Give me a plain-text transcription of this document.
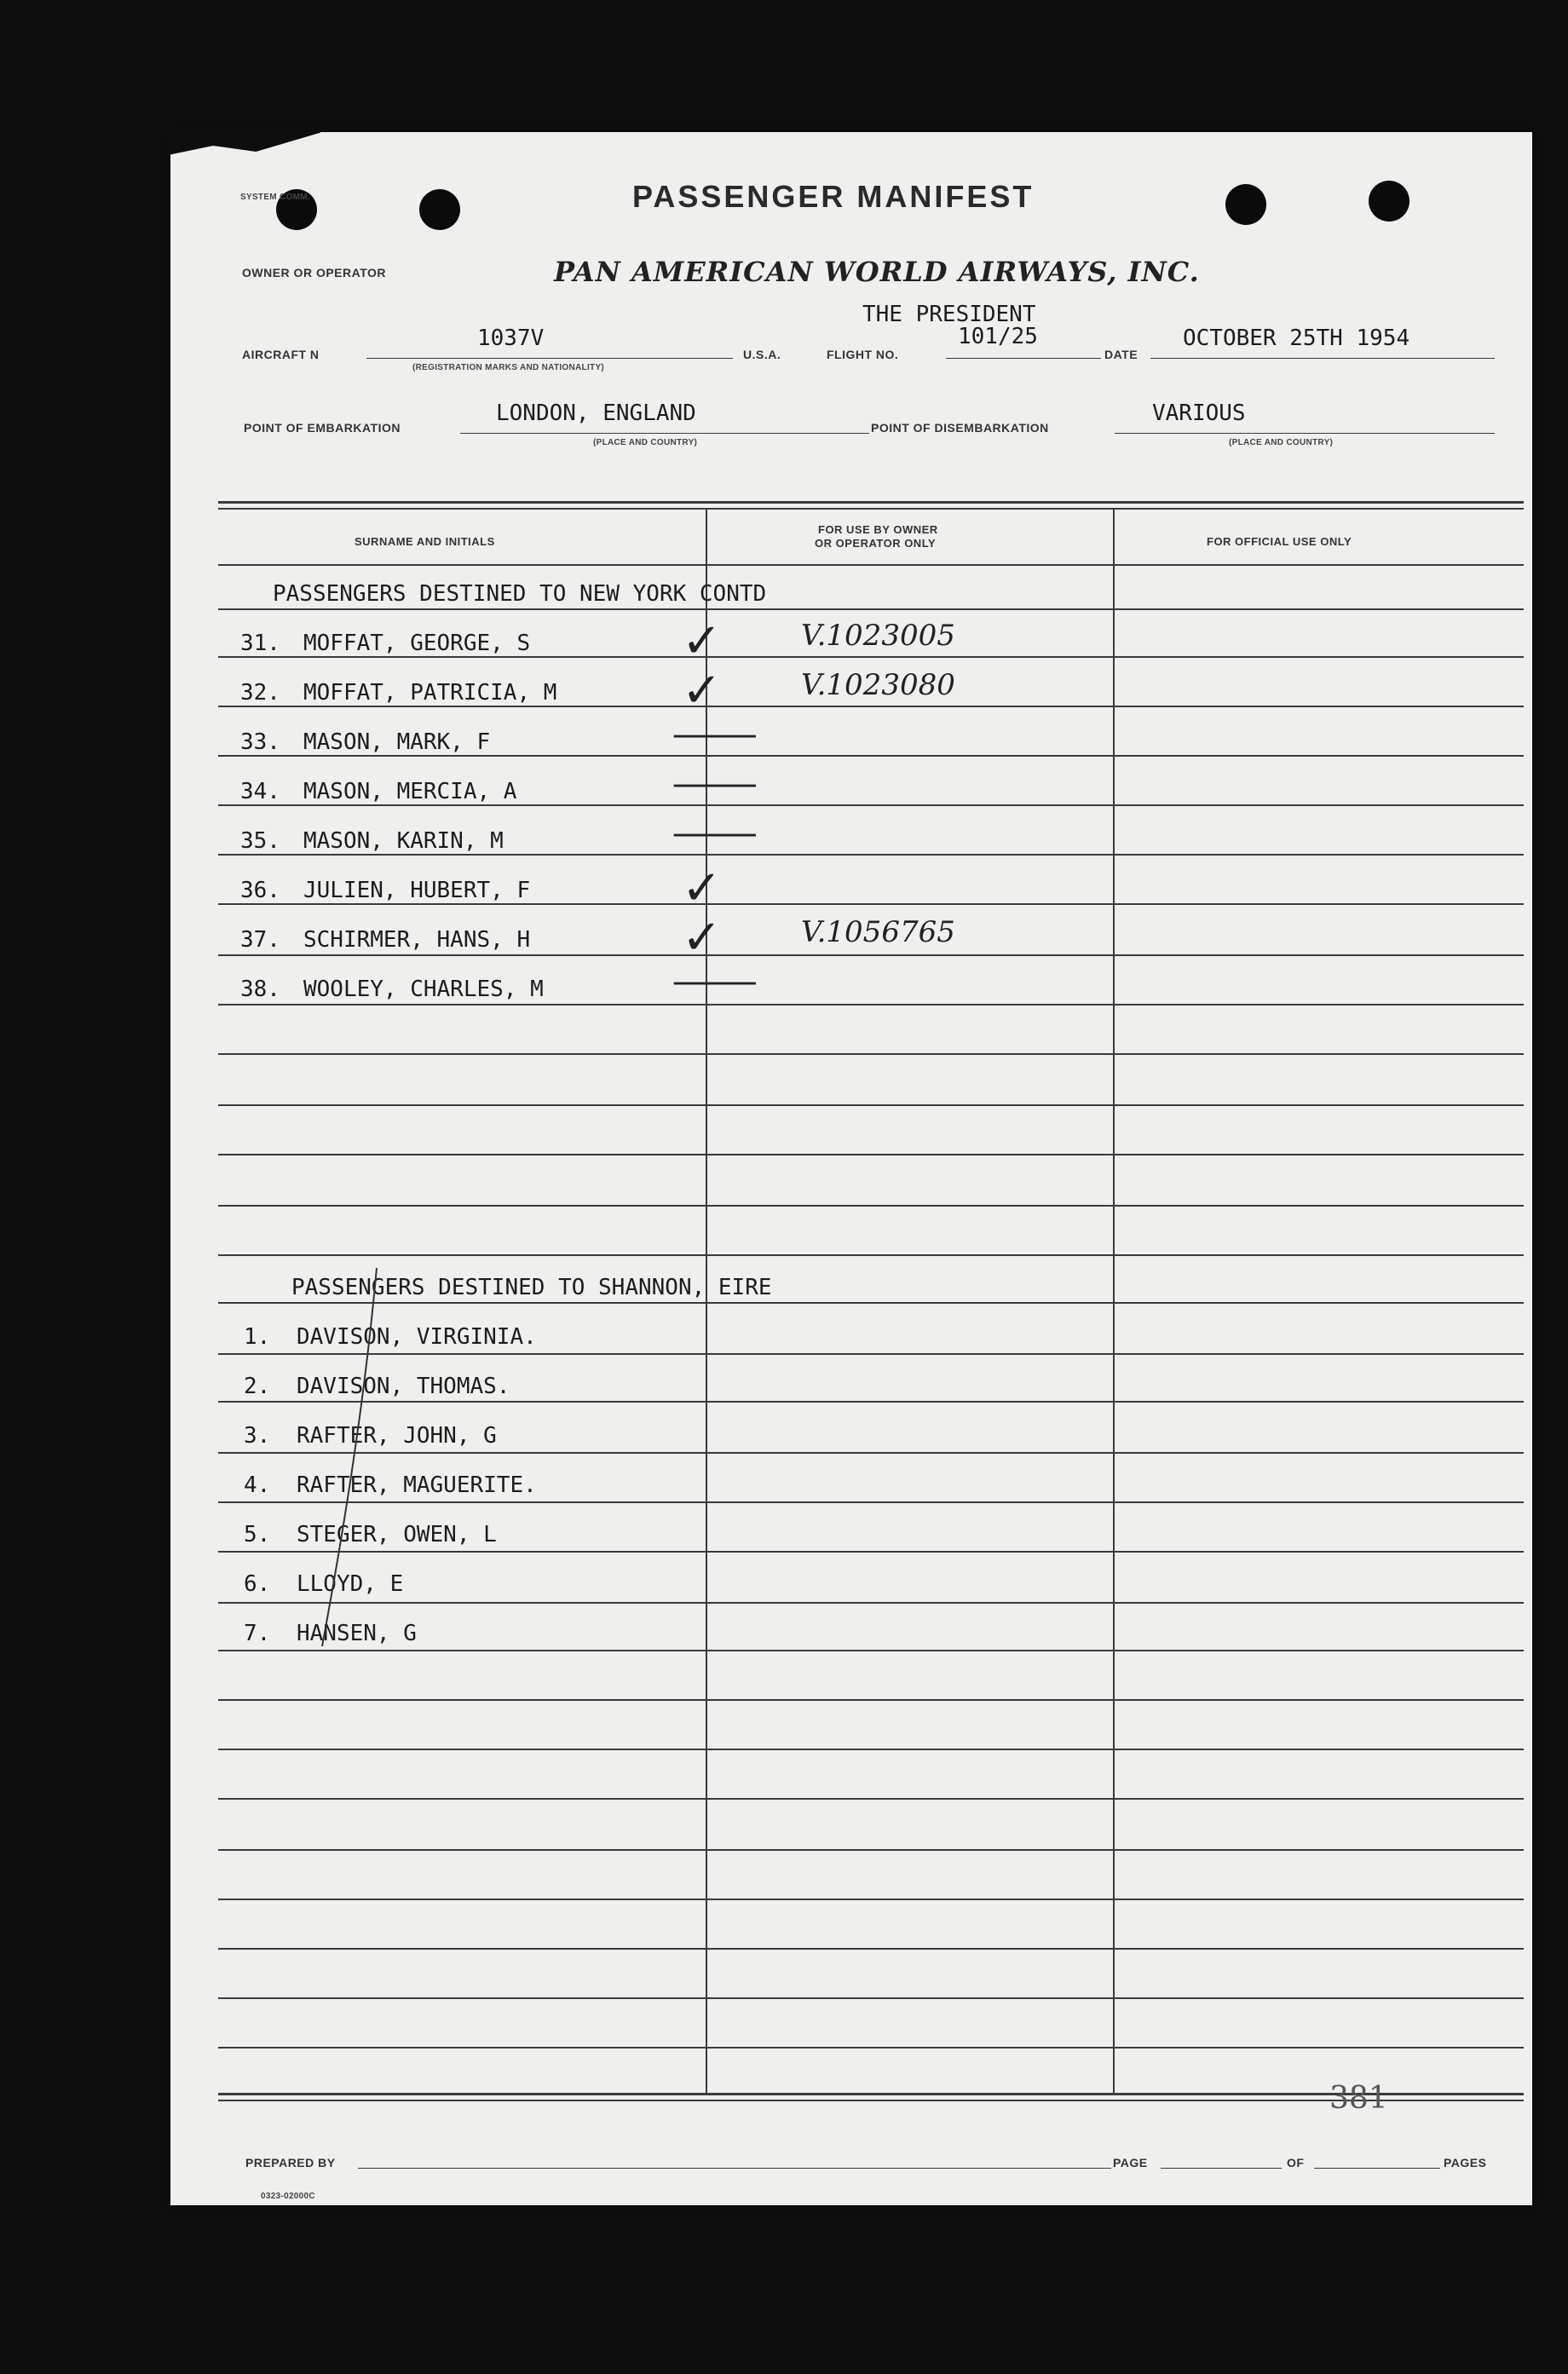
SYSTEM COMM.	PASSENGER MANIFEST
OWNER OR OPERATOR	PAN AMERICAN WORLD AIRWAYS, INC.
THE PRESIDENT
AIRCRAFT N
1037V
(REGISTRATION MARKS AND NATIONALITY)
U.S.A.	FLIGHT NO.
101/25
DATE
OCTOBER 25TH 1954
POINT OF EMBARKATION
LONDON, ENGLAND
(PLACE AND COUNTRY)
POINT OF DISEMBARKATION
VARIOUS
(PLACE AND COUNTRY)
SURNAME AND INITIALS
FOR USE BY OWNER
OR OPERATOR ONLY	FOR OFFICIAL USE ONLY
PASSENGERS DESTINED TO NEW YORK CONTD
31. MOFFAT, GEORGE, S	✓	V.1023005
32. MOFFAT, PATRICIA, M	✓	V.1023080
33. MASON, MARK, F	—
34. MASON, MERCIA, A	—
35. MASON, KARIN, M	—
36. JULIEN, HUBERT, F	✓
37. SCHIRMER, HANS, H	✓	V.1056765
38. WOOLEY, CHARLES, M	—
PASSENGERS DESTINED TO SHANNON, EIRE
1. DAVISON, VIRGINIA.
2. DAVISON, THOMAS.
3. RAFTER, JOHN, G
4. RAFTER, MAGUERITE.
5. STEGER, OWEN, L
6. LLOYD, E
7. HANSEN, G
381
PREPARED BY	PAGE	OF	PAGES
0323-02000C
